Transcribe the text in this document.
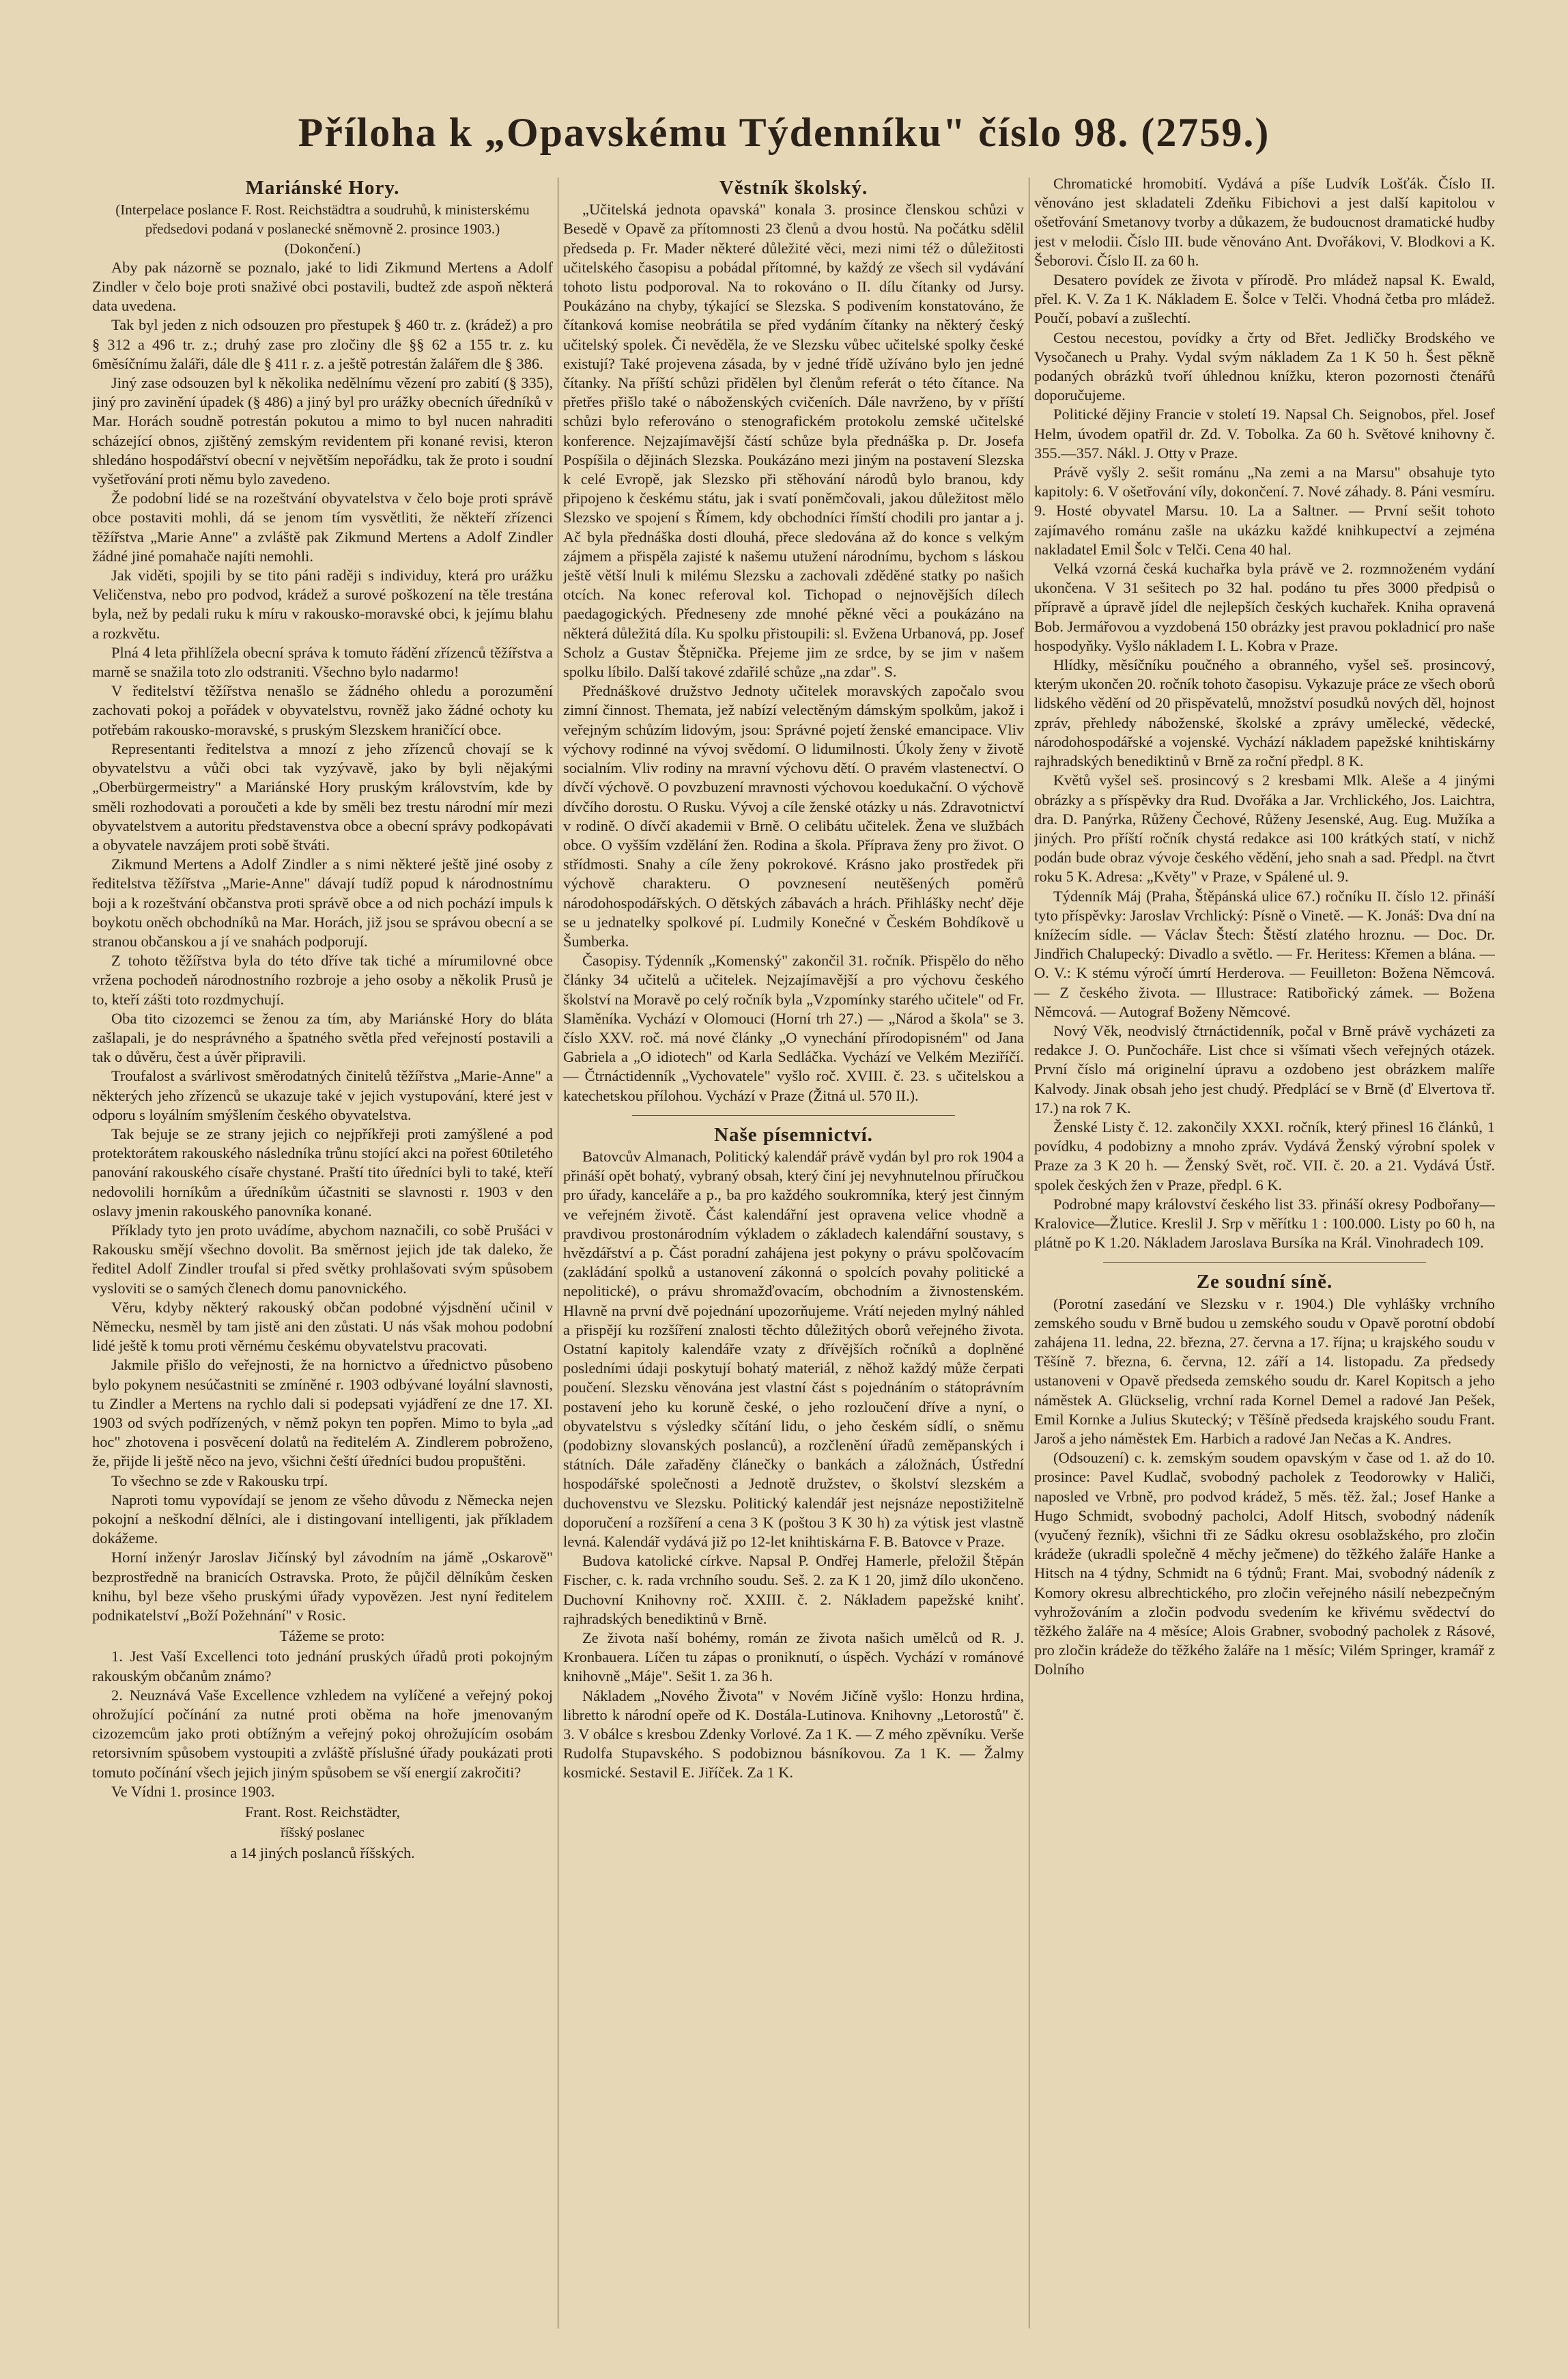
Příloha k „Opavskému Týdenníku" číslo 98. (2759.)
Mariánské Hory.

(Interpelace poslance F. Rost. Reichstädtra a soudruhů, k ministerskému předsedovi podaná v poslanecké sněmovně 2. prosince 1903.)

(Dokončení.)

Aby pak názorně se poznalo, jaké to lidi Zikmund Mertens a Adolf Zindler v čelo boje proti snaživé obci postavili, budtež zde aspoň některá data uvedena.

Tak byl jeden z nich odsouzen pro přestupek § 460 tr. z. (krádež) a pro § 312 a 496 tr. z.; druhý zase pro zločiny dle §§ 62 a 155 tr. z. ku 6měsíčnímu žaláři, dále dle § 411 r. z. a ještě potrestán žalářem dle § 386.

Jiný zase odsouzen byl k několika nedělnímu vězení pro zabití (§ 335), jiný pro zavinění úpadek (§ 486) a jiný byl pro urážky obecních úředníků v Mar. Horách soudně potrestán pokutou a mimo to byl nucen nahraditi scházející obnos, zjištěný zemským revidentem při konané revisi, kteron shledáno hospodářství obecní v největším nepořádku, tak že proto i soudní vyšetřování proti němu bylo zavedeno.

Že podobní lidé se na rozeštvání obyvatelstva v čelo boje proti správě obce postaviti mohli, dá se jenom tím vysvětliti, že někteří zřízenci těžířstva „Marie Anne" a zvláště pak Zikmund Mertens a Adolf Zindler žádné jiné pomahače najíti nemohli.

Jak viděti, spojili by se tito páni raději s individuy, která pro urážku Veličenstva, nebo pro podvod, krádež a surové poškození na těle trestána byla, než by pedali ruku k míru v rakousko-moravské obci, k jejímu blahu a rozkvětu.

Plná 4 leta přihlížela obecní správa k tomuto řádění zřízenců těžířstva a marně se snažila toto zlo odstraniti. Všechno bylo nadarmo!

V ředitelství těžířstva nenašlo se žádného ohledu a porozumění zachovati pokoj a pořádek v obyvatelstvu, rovněž jako žádné ochoty ku potřebám rakousko-moravské, s pruským Slezskem hraničící obce.

Representanti ředitelstva a mnozí z jeho zřízenců chovají se k obyvatelstvu a vůči obci tak vyzývavě, jako by byli nějakými „Oberbürgermeistry" a Mariánské Hory pruským královstvím, kde by směli rozhodovati a poroučeti a kde by směli bez trestu národní mír mezi obyvatelstvem a autoritu představenstva obce a obecní správy podkopávati a obyvatele navzájem proti sobě štváti.

Zikmund Mertens a Adolf Zindler a s nimi některé ještě jiné osoby z ředitelstva těžířstva „Marie-Anne" dávají tudíž popud k národnostnímu boji a k rozeštvání občanstva proti správě obce a od nich pochází impuls k boykotu oněch obchodníků na Mar. Horách, již jsou se správou obecní a se stranou občanskou a jí ve snahách podporují.

Z tohoto těžířstva byla do této dříve tak tiché a mírumilovné obce vržena pochodeň národnostního rozbroje a jeho osoby a několik Prusů je to, kteří zášti toto rozdmychují.

Oba tito cizozemci se ženou za tím, aby Mariánské Hory do bláta zašlapali, je do nesprávného a špatného světla před veřejností postavili a tak o důvěru, čest a úvěr připravili.

Troufalost a svárlivost směrodatných činitelů těžířstva „Marie-Anne" a některých jeho zřízenců se ukazuje také v jejich vystupování, které jest v odporu s loyálním smýšlením českého obyvatelstva.

Tak bejuje se ze strany jejich co nejpříkřeji proti zamýšlené a pod protektorátem rakouského následníka trůnu stojící akci na pořest 60tiletého panování rakouského císaře chystané. Praští tito úředníci byli to také, kteří nedovolili horníkům a úředníkům účastniti se slavnosti r. 1903 v den oslavy jmenin rakouského panovníka konané.

Příklady tyto jen proto uvádíme, abychom naznačili, co sobě Prušáci v Rakousku smějí všechno dovolit. Ba směrnost jejich jde tak daleko, že ředitel Adolf Zindler troufal si před světky prohlašovati svým spůsobem vysloviti se o samých členech domu panovnického.

Věru, kdyby některý rakouský občan podobné výjsdnění učinil v Německu, nesměl by tam jistě ani den zůstati. U nás však mohou podobní lidé ještě k tomu proti věrnému českému obyvatelstvu pracovati.

Jakmile přišlo do veřejnosti, že na hornictvo a úřednictvo působeno bylo pokynem nesúčastniti se zmíněné r. 1903 odbývané loyální slavnosti, tu Zindler a Mertens na rychlo dali si podepsati vyjádření ze dne 17. XI. 1903 od svých podřízených, v němž pokyn ten popřen. Mimo to byla „ad hoc" zhotovena i posvěcení dolatů na ředitelém A. Zindlerem pobroženo, že, přijde li ještě něco na jevo, všichni čeští úředníci budou propuštěni.

To všechno se zde v Rakousku trpí.

Naproti tomu vypovídají se jenom ze všeho důvodu z Německa nejen pokojní a neškodní dělníci, ale i distingovaní intelligenti, jak příkladem dokážeme.

Horní inženýr Jaroslav Jičínský byl závodním na jámě „Oskarově" bezprostředně na branicích Ostravska. Proto, že půjčil dělníkům česken knihu, byl beze všeho pruskými úřady vypovězen. Jest nyní ředitelem podnikatelství „Boží Požehnání" v Rosic.

Tážeme se proto:

1. Jest Vaší Excellenci toto jednání pruských úřadů proti pokojným rakouským občanům známo?

2. Neuznává Vaše Excellence vzhledem na vylíčené a veřejný pokoj ohrožující počínání za nutné proti oběma na hoře jmenovaným cizozemcům jako proti obtížným a veřejný pokoj ohrožujícím osobám retorsivním spůsobem vystoupiti a zvláště příslušné úřady poukázati proti tomuto počínání všech jejich jiným spůsobem se vší energií zakročiti?

Ve Vídni 1. prosince 1903.

Frant. Rost. Reichstädter,

říšský poslanec

a 14 jiných poslanců říšských.

Věstník školský.

„Učitelská jednota opavská" konala 3. prosince členskou schůzi v Besedě v Opavě za přítomnosti 23 členů a dvou hostů. Na počátku sdělil předseda p. Fr. Mader některé důležité věci, mezi nimi též o důležitosti učitelského časopisu a pobádal přítomné, by každý ze všech sil vydávání tohoto listu podporoval. Na to rokováno o II. dílu čítanky od Jursy. Poukázáno na chyby, týkající se Slezska. S podivením konstatováno, že čítanková komise neobrátila se před vydáním čítanky na některý český učitelský spolek. Či nevěděla, že ve Slezsku vůbec učitelské spolky české existují? Také projevena zásada, by v jedné třídě užíváno bylo jen jedné čítanky. Na příští schůzi přidělen byl členům referát o této čítance. Na přetřes přišlo také o náboženských cvičeních. Dále navrženo, by v příští schůzi bylo referováno o stenografickém protokolu zemské učitelské konference. Nejzajímavější částí schůze byla přednáška p. Dr. Josefa Pospíšila o dějinách Slezska. Poukázáno mezi jiným na postavení Slezska k celé Evropě, jak Slezsko při stěhování národů bylo branou, kdy připojeno k českému státu, jak i svatí poněmčovali, jakou důležitost mělo Slezsko ve spojení s Římem, kdy obchodníci římští chodili pro jantar a j. Ač byla přednáška dosti dlouhá, přece sledována až do konce s velkým zájmem a přispěla zajisté k našemu utužení národnímu, bychom s láskou ještě větší lnuli k milému Slezsku a zachovali zděděné statky po našich otcích. Na konec referoval kol. Tichopad o nejnovějších dílech paedagogických. Předneseny zde mnohé pěkné věci a poukázáno na některá důležitá díla. Ku spolku přistoupili: sl. Evžena Urbanová, pp. Josef Scholz a Gustav Štěpnička. Přejeme jim ze srdce, by se jim v našem spolku líbilo. Další takové zdařilé schůze „na zdar". S.

Přednáškové družstvo Jednoty učitelek moravských započalo svou zimní činnost. Themata, jež nabízí velectěným dámským spolkům, jakož i veřejným schůzím lidovým, jsou: Správné pojetí ženské emancipace. Vliv výchovy rodinné na vývoj svědomí. O lidumilnosti. Úkoly ženy v životě socialním. Vliv rodiny na mravní výchovu dětí. O pravém vlastenectví. O dívčí výchově. O povzbuzení mravnosti výchovou koedukační. O výchově dívčího dorostu. O Rusku. Vývoj a cíle ženské otázky u nás. Zdravotnictví v rodině. O dívčí akademii v Brně. O celibátu učitelek. Žena ve službách obce. O vyšším vzdělání žen. Rodina a škola. Příprava ženy pro život. O střídmosti. Snahy a cíle ženy pokrokové. Krásno jako prostředek při výchově charakteru. O povznesení neutěšených poměrů národohospodářských. O dětských zábavách a hrách. Přihlášky nechť děje se u jednatelky spolkové pí. Ludmily Konečné v Českém Bohdíkově u Šumberka.

Časopisy. Týdenník „Komenský" zakončil 31. ročník. Přispělo do něho články 34 učitelů a učitelek. Nejzajímavější a pro výchovu českého školství na Moravě po celý ročník byla „Vzpomínky starého učitele" od Fr. Slaměníka. Vychází v Olomouci (Horní trh 27.) — „Národ a škola" se 3. číslo XXV. roč. má nové články „O vynechání přírodopisném" od Jana Gabriela a „O idiotech" od Karla Sedláčka. Vychází ve Velkém Meziříčí. — Čtrnáctidenník „Vychovatele" vyšlo roč. XVIII. č. 23. s učitelskou a katechetskou přílohou. Vychází v Praze (Žitná ul. 570 II.).

Naše písemnictví.

Batovcův Almanach, Politický kalendář právě vydán byl pro rok 1904 a přináší opět bohatý, vybraný obsah, který činí jej nevyhnutelnou příručkou pro úřady, kanceláře a p., ba pro každého soukromníka, který jest činným ve veřejném životě. Část kalendářní jest opravena velice vhodně a pravdivou prostonárodním výkladem o základech kalendářní soustavy, s hvězdářství a p. Část poradní zahájena jest pokyny o právu spolčovacím (zakládání spolků a ustanovení zákonná o spolcích povahy politické a nepolitické), o právu shromažďovacím, obchodním a živnostenském. Hlavně na první dvě pojednání upozorňujeme. Vrátí nejeden mylný náhled a přispějí ku rozšíření znalosti těchto důležitých oborů veřejného života. Ostatní kapitoly kalendáře vzaty z dřívějších ročníků a doplněné posledními údaji poskytují bohatý materiál, z něhož každý může čerpati poučení. Slezsku věnována jest vlastní část s pojednáním o státoprávním postavení jeho ku koruně české, o jeho rozloučení dříve a nyní, o obyvatelstvu s výsledky sčítání lidu, o jeho českém sídlí, o sněmu (podobizny slovanských poslanců), a rozčlenění úřadů zeměpanských i státních. Dále zařaděny článečky o bankách a záložnách, Ústřední hospodářské společnosti a Jednotě družstev, o školství slezském a duchovenstvu ve Slezsku. Politický kalendář jest nejsnáze nepostižitelně doporučení a rozšíření a cena 3 K (poštou 3 K 30 h) za výtisk jest vlastně levná. Kalendář vydává již po 12-let knihtiskárna F. B. Batovce v Praze.

Budova katolické církve. Napsal P. Ondřej Hamerle, přeložil Štěpán Fischer, c. k. rada vrchního soudu. Seš. 2. za K 1 20, jimž dílo ukončeno. Duchovní Knihovny roč. XXIII. č. 2. Nákladem papežské knihť. rajhradských benediktinů v Brně.

Ze života naší bohémy, román ze života našich umělců od R. J. Kronbauera. Líčen tu zápas o proniknutí, o úspěch. Vychází v románové knihovně „Máje". Sešit 1. za 36 h.

Nákladem „Nového Života" v Novém Jičíně vyšlo: Honzu hrdina, libretto k národní opeře od K. Dostála-Lutinova. Knihovny „Letorostů" č. 3. V obálce s kresbou Zdenky Vorlové. Za 1 K. — Z mého zpěvníku. Verše Rudolfa Stupavského. S podobiznou básníkovou. Za 1 K. — Žalmy kosmické. Sestavil E. Jiříček. Za 1 K.

Chromatické hromobití. Vydává a píše Ludvík Lošťák. Číslo II. věnováno jest skladateli Zdeňku Fibichovi a jest další kapitolou v ošetřování Smetanovy tvorby a důkazem, že budoucnost dramatické hudby jest v melodii. Číslo III. bude věnováno Ant. Dvořákovi, V. Blodkovi a K. Šeborovi. Číslo II. za 60 h.

Desatero povídek ze života v přírodě. Pro mládež napsal K. Ewald, přel. K. V. Za 1 K. Nákladem E. Šolce v Telči. Vhodná četba pro mládež. Poučí, pobaví a zušlechtí.

Cestou necestou, povídky a črty od Břet. Jedličky Brodského ve Vysočanech u Prahy. Vydal svým nákladem Za 1 K 50 h. Šest pěkně podaných obrázků tvoří úhlednou knížku, kteron pozornosti čtenářů doporučujeme.

Politické dějiny Francie v století 19. Napsal Ch. Seignobos, přel. Josef Helm, úvodem opatřil dr. Zd. V. Tobolka. Za 60 h. Světové knihovny č. 355.—357. Nákl. J. Otty v Praze.

Právě vyšly 2. sešit románu „Na zemi a na Marsu" obsahuje tyto kapitoly: 6. V ošetřování víly, dokončení. 7. Nové záhady. 8. Páni vesmíru. 9. Hosté obyvatel Marsu. 10. La a Saltner. — První sešit tohoto zajímavého románu zašle na ukázku každé knihkupectví a zejména nakladatel Emil Šolc v Telči. Cena 40 hal.

Velká vzorná česká kuchařka byla právě ve 2. rozmnoženém vydání ukončena. V 31 sešitech po 32 hal. podáno tu přes 3000 předpisů o přípravě a úpravě jídel dle nejlepších českých kuchařek. Kniha opravená Bob. Jermářovou a vyzdobená 150 obrázky jest pravou pokladnicí pro naše hospodyňky. Vyšlo nákladem I. L. Kobra v Praze.

Hlídky, měsíčníku poučného a obranného, vyšel seš. prosincový, kterým ukončen 20. ročník tohoto časopisu. Vykazuje práce ze všech oborů lidského vědění od 20 přispěvatelů, množství posudků nových děl, hojnost zpráv, přehledy náboženské, školské a zprávy umělecké, vědecké, národohospodářské a vojenské. Vychází nákladem papežské knihtiskárny rajhradských benediktinů v Brně za roční předpl. 8 K.

Květů vyšel seš. prosincový s 2 kresbami Mlk. Aleše a 4 jinými obrázky a s příspěvky dra Rud. Dvořáka a Jar. Vrchlického, Jos. Laichtra, dra. D. Panýrka, Růženy Čechové, Růženy Jesenské, Aug. Eug. Mužíka a jiných. Pro příští ročník chystá redakce asi 100 krátkých statí, v nichž podán bude obraz vývoje českého vědění, jeho snah a sad. Předpl. na čtvrt roku 5 K. Adresa: „Květy" v Praze, v Spálené ul. 9.

Týdenník Máj (Praha, Štěpánská ulice 67.) ročníku II. číslo 12. přináší tyto příspěvky: Jaroslav Vrchlický: Písně o Vinetě. — K. Jonáš: Dva dní na knížecím sídle. — Václav Štech: Štěstí zlatého hroznu. — Doc. Dr. Jindřich Chalupecký: Divadlo a světlo. — Fr. Heritess: Křemen a blána. — O. V.: K stému výročí úmrtí Herderova. — Feuilleton: Božena Němcová. — Z českého života. — Illustrace: Ratibořický zámek. — Božena Němcová. — Autograf Boženy Němcové.

Nový Věk, neodvislý čtrnáctidenník, počal v Brně právě vycházeti za redakce J. O. Punčocháře. List chce si všímati všech veřejných otázek. První číslo má originelní úpravu a ozdobeno jest obrázkem malíře Kalvody. Jinak obsah jeho jest chudý. Předplácí se v Brně (ď Elvertova tř. 17.) na rok 7 K.

Ženské Listy č. 12. zakončily XXXI. ročník, který přinesl 16 článků, 1 povídku, 4 podobizny a mnoho zpráv. Vydává Ženský výrobní spolek v Praze za 3 K 20 h. — Ženský Svět, roč. VII. č. 20. a 21. Vydává Ústř. spolek českých žen v Praze, předpl. 6 K.

Podrobné mapy království českého list 33. přináší okresy Podbořany—Kralovice—Žlutice. Kreslil J. Srp v měřítku 1 : 100.000. Listy po 60 h, na plátně po K 1.20. Nákladem Jaroslava Bursíka na Král. Vinohradech 109.

Ze soudní síně.

(Porotní zasedání ve Slezsku v r. 1904.) Dle vyhlášky vrchního zemského soudu v Brně budou u zemského soudu v Opavě porotní období zahájena 11. ledna, 22. března, 27. června a 17. října; u krajského soudu v Těšíně 7. března, 6. června, 12. září a 14. listopadu. Za předsedy ustanoveni v Opavě předseda zemského soudu dr. Karel Kopitsch a jeho náměstek A. Glückselig, vrchní rada Kornel Demel a radové Jan Pešek, Emil Kornke a Julius Skutecký; v Těšíně předseda krajského soudu Frant. Jaroš a jeho náměstek Em. Harbich a radové Jan Nečas a K. Andres.

(Odsouzení) c. k. zemským soudem opavským v čase od 1. až do 10. prosince: Pavel Kudlač, svobodný pacholek z Teodorowky v Haliči, naposled ve Vrbně, pro podvod krádež, 5 měs. těž. žal.; Josef Hanke a Hugo Schmidt, svobodný pacholci, Adolf Hitsch, svobodný nádeník (vyučený řezník), všichni tři ze Sádku okresu osoblažského, pro zločin krádeže (ukradli společně 4 měchy ječmene) do těžkého žaláře Hanke a Hitsch na 4 týdny, Schmidt na 6 týdnů; Frant. Mai, svobodný nádeník z Komory okresu albrechtického, pro zločin veřejného násilí nebezpečným vyhrožováním a zločin podvodu svedením ke křivému svědectví do těžkého žaláře na 4 měsíce; Alois Grabner, svobodný pacholek z Rásové, pro zločin krádeže do těžkého žaláře na 1 měsíc; Vilém Springer, kramář z Dolního
